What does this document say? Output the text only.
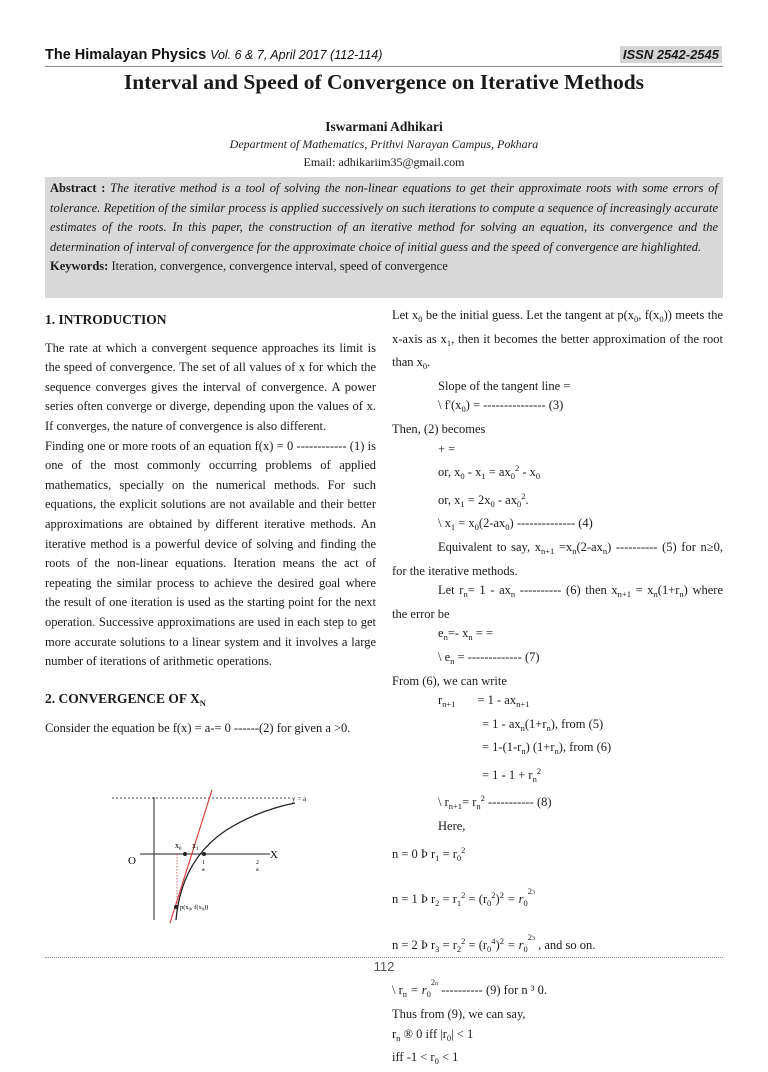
The Himalayan Physics Vol. 6 & 7, April 2017 (112-114)	ISSN 2542-2545
Interval and Speed of Convergence on Iterative Methods
Iswarmani Adhikari
Department of Mathematics, Prithvi Narayan Campus, Pokhara
Email: adhikariim35@gmail.com
Abstract : The iterative method is a tool of solving the non-linear equations to get their approximate roots with some errors of tolerance. Repetition of the similar process is applied successively on such iterations to compute a sequence of increasingly accurate estimates of the roots. In this paper, the construction of an iterative method for solving an equation, its convergence and the determination of interval of convergence for the approximate choice of initial guess and the speed of convergence are highlighted.
Keywords: Iteration, convergence, convergence interval, speed of convergence
1. INTRODUCTION

The rate at which a convergent sequence approaches its limit is the speed of convergence. The set of all values of x for which the sequence converges gives the interval of convergence. A power series often converge or diverge, depending upon the values of x. If converges, the nature of convergence is also different.

Finding one or more roots of an equation f(x) = 0 ------------ (1) is one of the most commonly occurring problems of applied mathematics, specially on the numerical methods. For such equations, the explicit solutions are not available and their better approximations are obtained by different iterative methods. An iterative method is a powerful device of solving and finding the roots of the non-linear equations. Iteration means the act of repeating the similar process to achieve the desired goal where the result of one iteration is used as the starting point for the next operation. Successive approximations are used in each step to get more accurate solutions to a linear system and it involves a large number of iterations of arithmetic operations.

2. CONVERGENCE OF $X_N$

Consider the equation be f(x) = a-= 0 ------(2) for given a >0.

y = a
X
O
$x_0$ $x_1$
1
a
2
a
$p(x_0$, $f(x_0)$)

Let $x_0$ be the initial guess. Let the tangent at $p(x_0$, $f(x_0)$) meets the x-axis as $x_1$, then it becomes the better approximation of the root than $x_0$.

Slope of the tangent line =
\ $f'(x_0)$ = --------------- (3)
Then, (2) becomes
+ =
or, $x_0 - x_1 = ax_0^2 - x_0$
or, $x_1 = 2x_0 - ax_0^2$.
\ $x_1 = x_0(2-ax_0)$ -------------- (4)

Equivalent to say, $x_{n+1} =x_n(2-ax_n)$ ---------- (5) for n≥0, for the iterative methods.

Let $r_n= 1 - ax_n$ ---------- (6) then $x_{n+1} = x_n(1+r_n)$ where the error be

$e_n=-$ $x_n$ = =
\ $e_n$ = ------------- (7)
From (6), we can write
$r_{n+1} = 1 - ax_{n+1}$
= $1 - ax_n(1+r_n)$, from (5)
= $1-(1-r_n)$ $(1+r_n)$, from (6)
= $1 - 1 + r_n^2$
\ $r_{n+1}= r_n^2$ ----------- (8)
Here,
n = 0 Þ $r_1 = r_0^2$
n = 1 Þ $r_2 = r_1^2 = (r_0^2)^2 = r_0^{23}$
n = 2 Þ $r_3 = r_2^2 = (r_0^4)^2 = r_0^{23}$ , and so on.
\ $r_n = r_0^{2n}$ ---------- (9) for n ³ 0.
Thus from (9), we can say,
$r_n$ ® 0 iff $|r_0| < 1$
iff $-1 < r_0 < 1$
112
